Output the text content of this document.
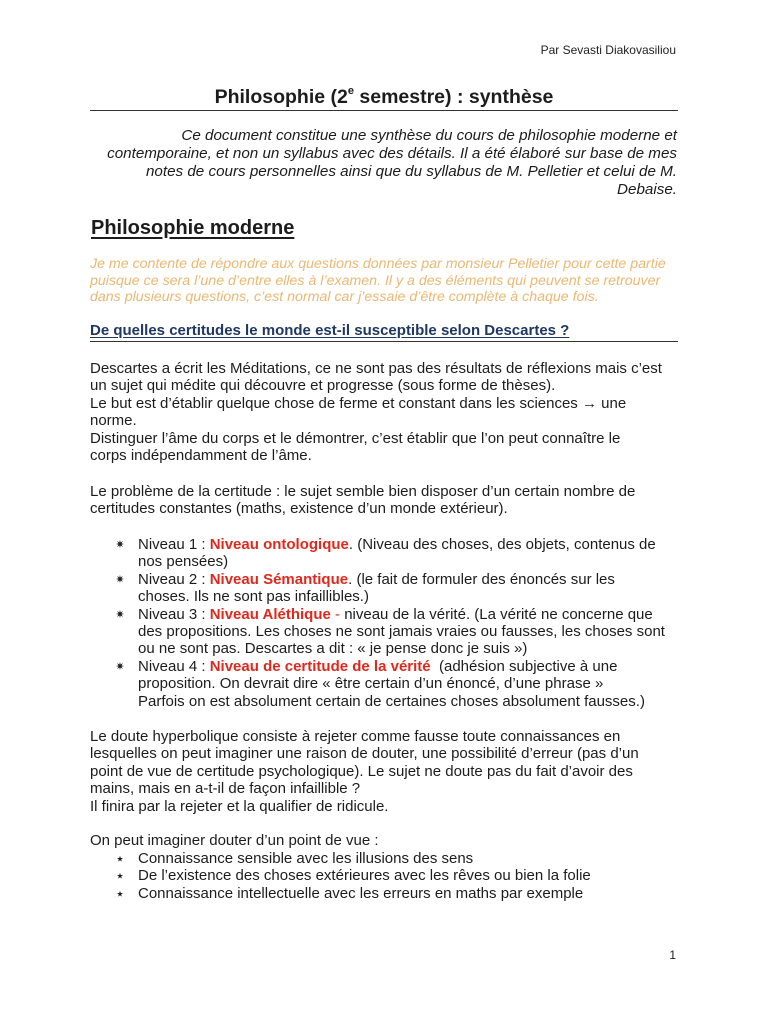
Par Sevasti Diakovasiliou
Philosophie (2e semestre) : synthèse
Ce document constitue une synthèse du cours de philosophie moderne et
contemporaine, et non un syllabus avec des détails. Il a été élaboré sur base de mes
notes de cours personnelles ainsi que du syllabus de M. Pelletier et celui de M.
Debaise.
Philosophie moderne
Je me contente de répondre aux questions données par monsieur Pelletier pour cette partie
puisque ce sera l’une d’entre elles à l’examen. Il y a des éléments qui peuvent se retrouver
dans plusieurs questions, c’est normal car j’essaie d’être complète à chaque fois.
De quelles certitudes le monde est-il susceptible selon Descartes ?
Descartes a écrit les Méditations, ce ne sont pas des résultats de réflexions mais c’est
un sujet qui médite qui découvre et progresse (sous forme de thèses).
Le but est d’établir quelque chose de ferme et constant dans les sciences → une
norme.
Distinguer l’âme du corps et le démontrer, c’est établir que l’on peut connaître le
corps indépendamment de l’âme.
Le problème de la certitude : le sujet semble bien disposer d’un certain nombre de
certitudes constantes (maths, existence d’un monde extérieur).
✷ Niveau 1 : Niveau ontologique. (Niveau des choses, des objets, contenus de
nos pensées)
✷ Niveau 2 : Niveau Sémantique. (le fait de formuler des énoncés sur les
choses. Ils ne sont pas infaillibles.)
✷ Niveau 3 : Niveau Aléthique - niveau de la vérité. (La vérité ne concerne que
des propositions. Les choses ne sont jamais vraies ou fausses, les choses sont
ou ne sont pas. Descartes a dit : « je pense donc je suis »)
✷ Niveau 4 : Niveau de certitude de la vérité  (adhésion subjective à une
proposition. On devrait dire « être certain d’un énoncé, d’une phrase »
Parfois on est absolument certain de certaines choses absolument fausses.)
Le doute hyperbolique consiste à rejeter comme fausse toute connaissances en
lesquelles on peut imaginer une raison de douter, une possibilité d’erreur (pas d’un
point de vue de certitude psychologique). Le sujet ne doute pas du fait d’avoir des
mains, mais en a-t-il de façon infaillible ?
Il finira par la rejeter et la qualifier de ridicule.
On peut imaginer douter d’un point de vue :
⋆ Connaissance sensible avec les illusions des sens
⋆ De l’existence des choses extérieures avec les rêves ou bien la folie
⋆ Connaissance intellectuelle avec les erreurs en maths par exemple
1
